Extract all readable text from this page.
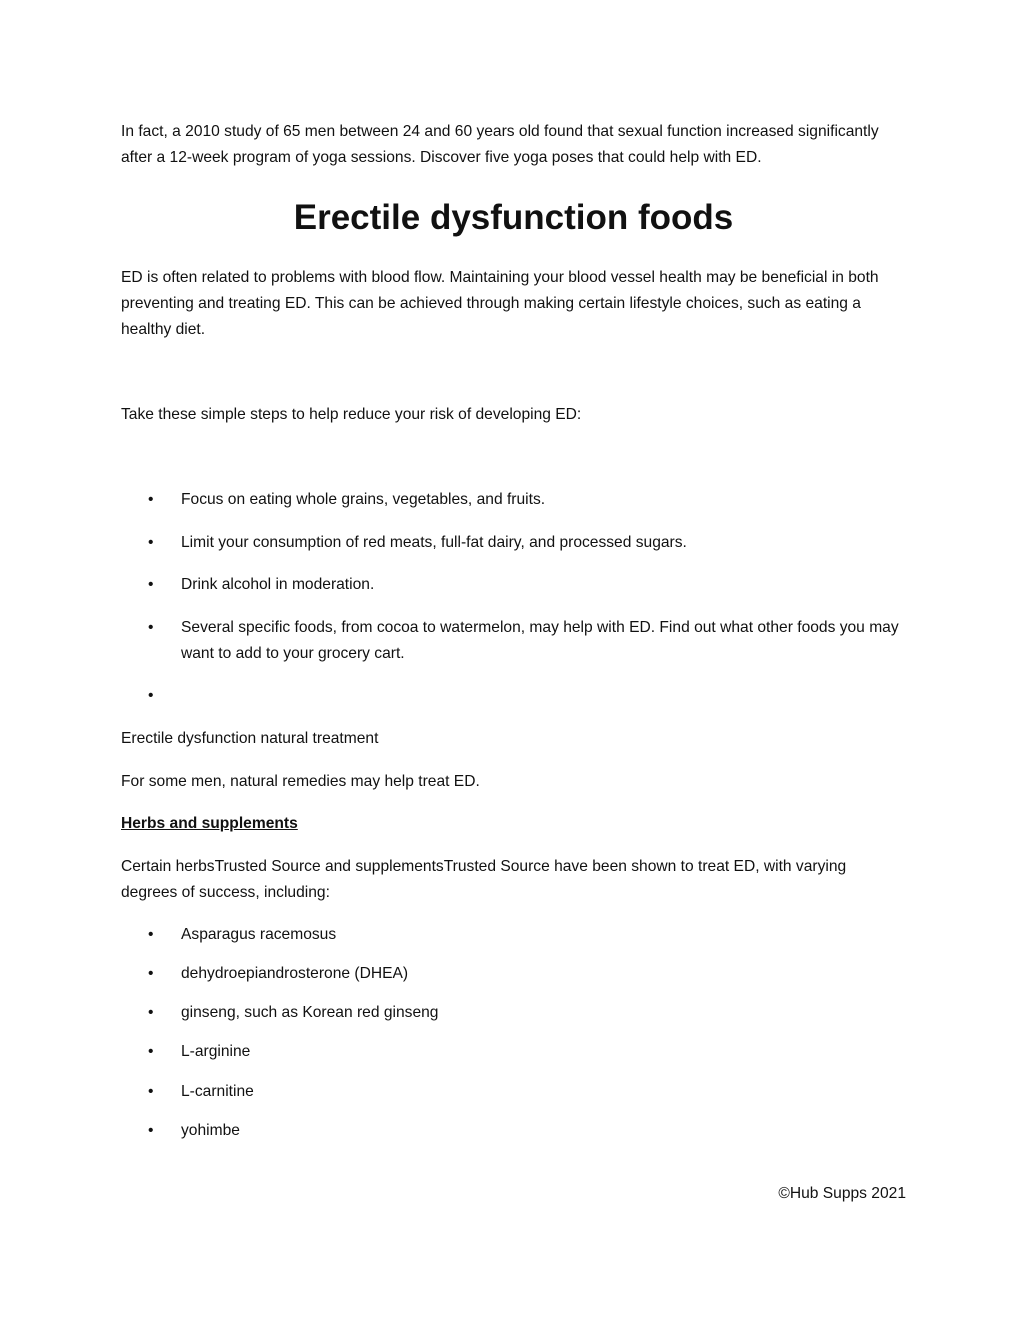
In fact, a 2010 study of 65 men between 24 and 60 years old found that sexual function increased significantly after a 12-week program of yoga sessions. Discover five yoga poses that could help with ED.

Erectile dysfunction foods

ED is often related to problems with blood flow. Maintaining your blood vessel health may be beneficial in both preventing and treating ED. This can be achieved through making certain lifestyle choices, such as eating a healthy diet.

Take these simple steps to help reduce your risk of developing ED:

• Focus on eating whole grains, vegetables, and fruits.
• Limit your consumption of red meats, full-fat dairy, and processed sugars.
• Drink alcohol in moderation.
• Several specific foods, from cocoa to watermelon, may help with ED. Find out what other foods you may want to add to your grocery cart.
•

Erectile dysfunction natural treatment

For some men, natural remedies may help treat ED.

Herbs and supplements

Certain herbsTrusted Source and supplementsTrusted Source have been shown to treat ED, with varying degrees of success, including:

• Asparagus racemosus
• dehydroepiandrosterone (DHEA)
• ginseng, such as Korean red ginseng
• L-arginine
• L-carnitine
• yohimbe
©Hub Supps 2021
